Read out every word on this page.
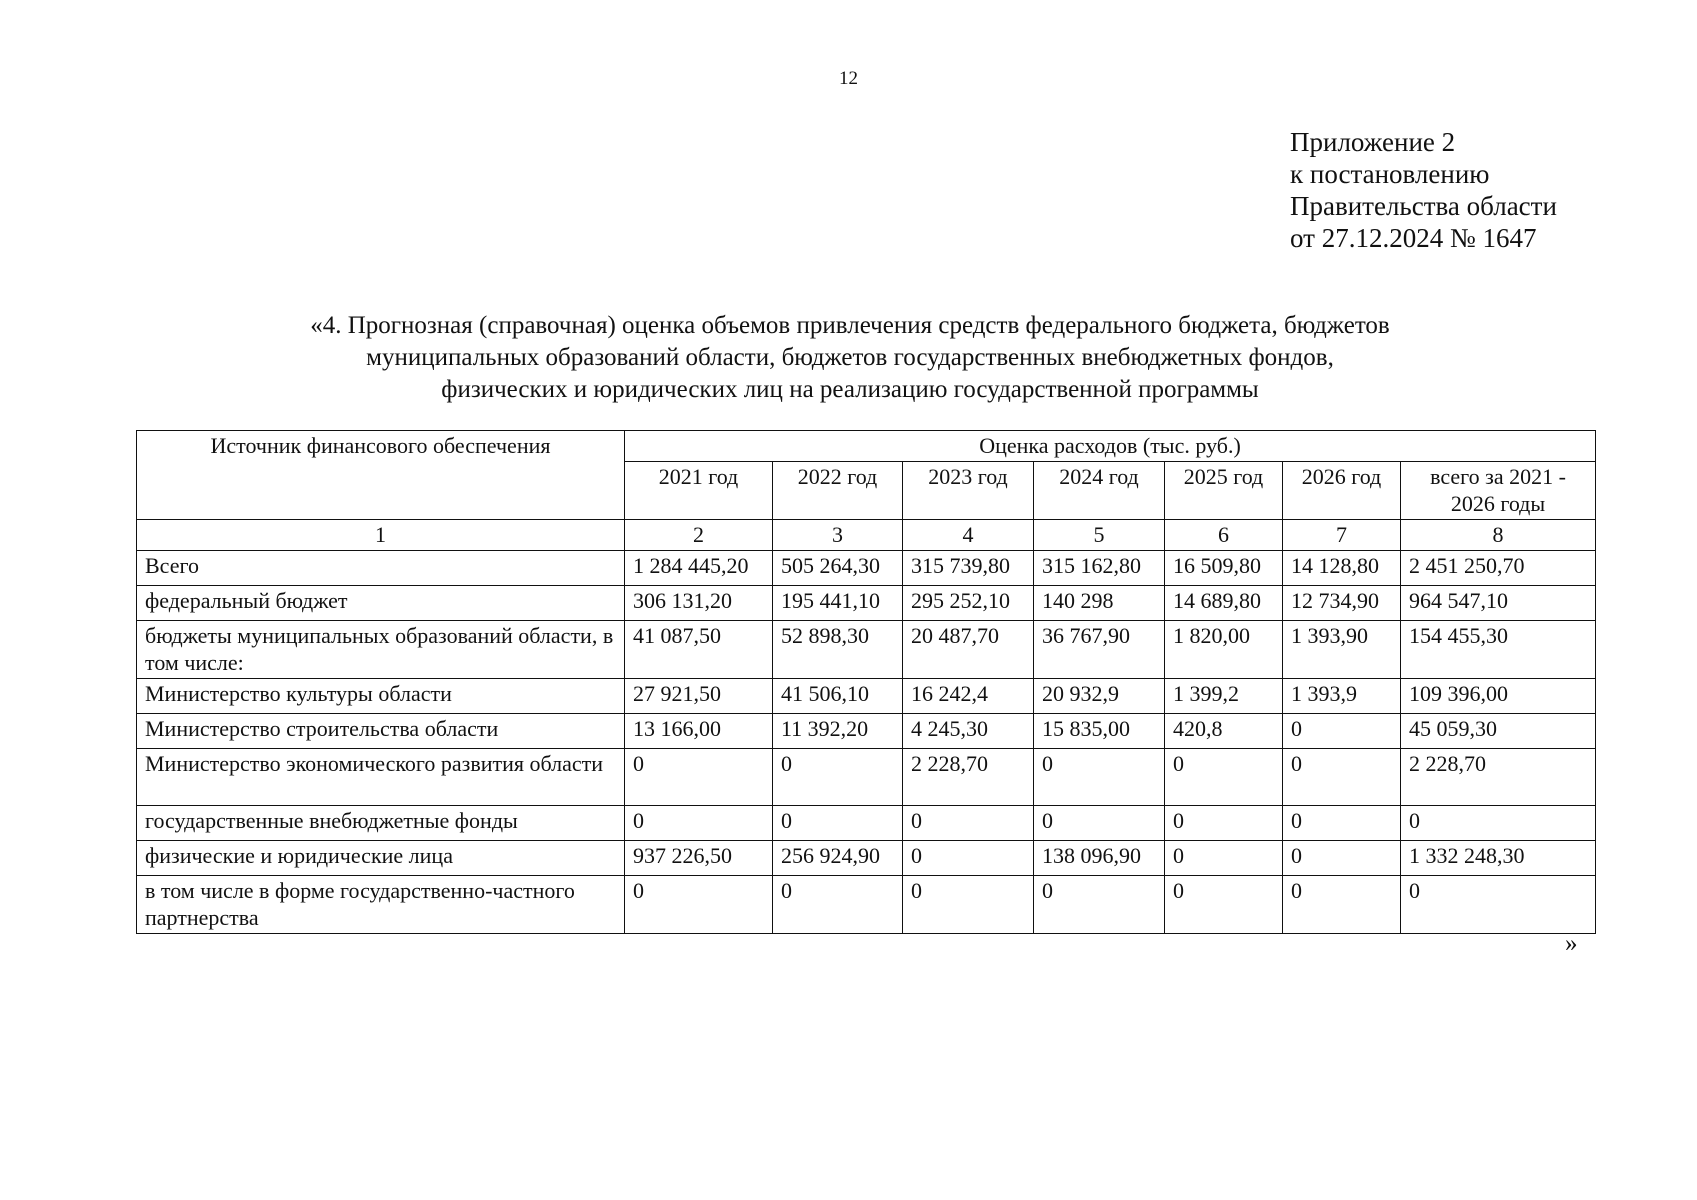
12
Приложение 2
к постановлению
Правительства области
от 27.12.2024 № 1647
«4. Прогнозная (справочная) оценка объемов привлечения средств федерального бюджета, бюджетов
муниципальных образований области, бюджетов государственных внебюджетных фондов,
физических и юридических лиц на реализацию государственной программы
Источник финансового обеспечения	Оценка расходов (тыс. руб.)						
	2021 год	2022 год	2023 год	2024 год	2025 год	2026 год	всего за 2021 - 2026 годы
1	2	3	4	5	6	7	8
Всего	1 284 445,20	505 264,30	315 739,80	315 162,80	16 509,80	14 128,80	2 451 250,70
федеральный бюджет	306 131,20	195 441,10	295 252,10	140 298	14 689,80	12 734,90	964 547,10
бюджеты муниципальных образований области, в том числе:	41 087,50	52 898,30	20 487,70	36 767,90	1 820,00	1 393,90	154 455,30
Министерство культуры области	27 921,50	41 506,10	16 242,4	20 932,9	1 399,2	1 393,9	109 396,00
Министерство строительства области	13 166,00	11 392,20	4 245,30	15 835,00	420,8	0	45 059,30
Министерство экономического развития области	0	0	2 228,70	0	0	0	2 228,70
государственные внебюджетные фонды	0	0	0	0	0	0	0
физические и юридические лица	937 226,50	256 924,90	0	138 096,90	0	0	1 332 248,30
в том числе в форме государственно-частного партнерства	0	0	0	0	0	0	0
»
